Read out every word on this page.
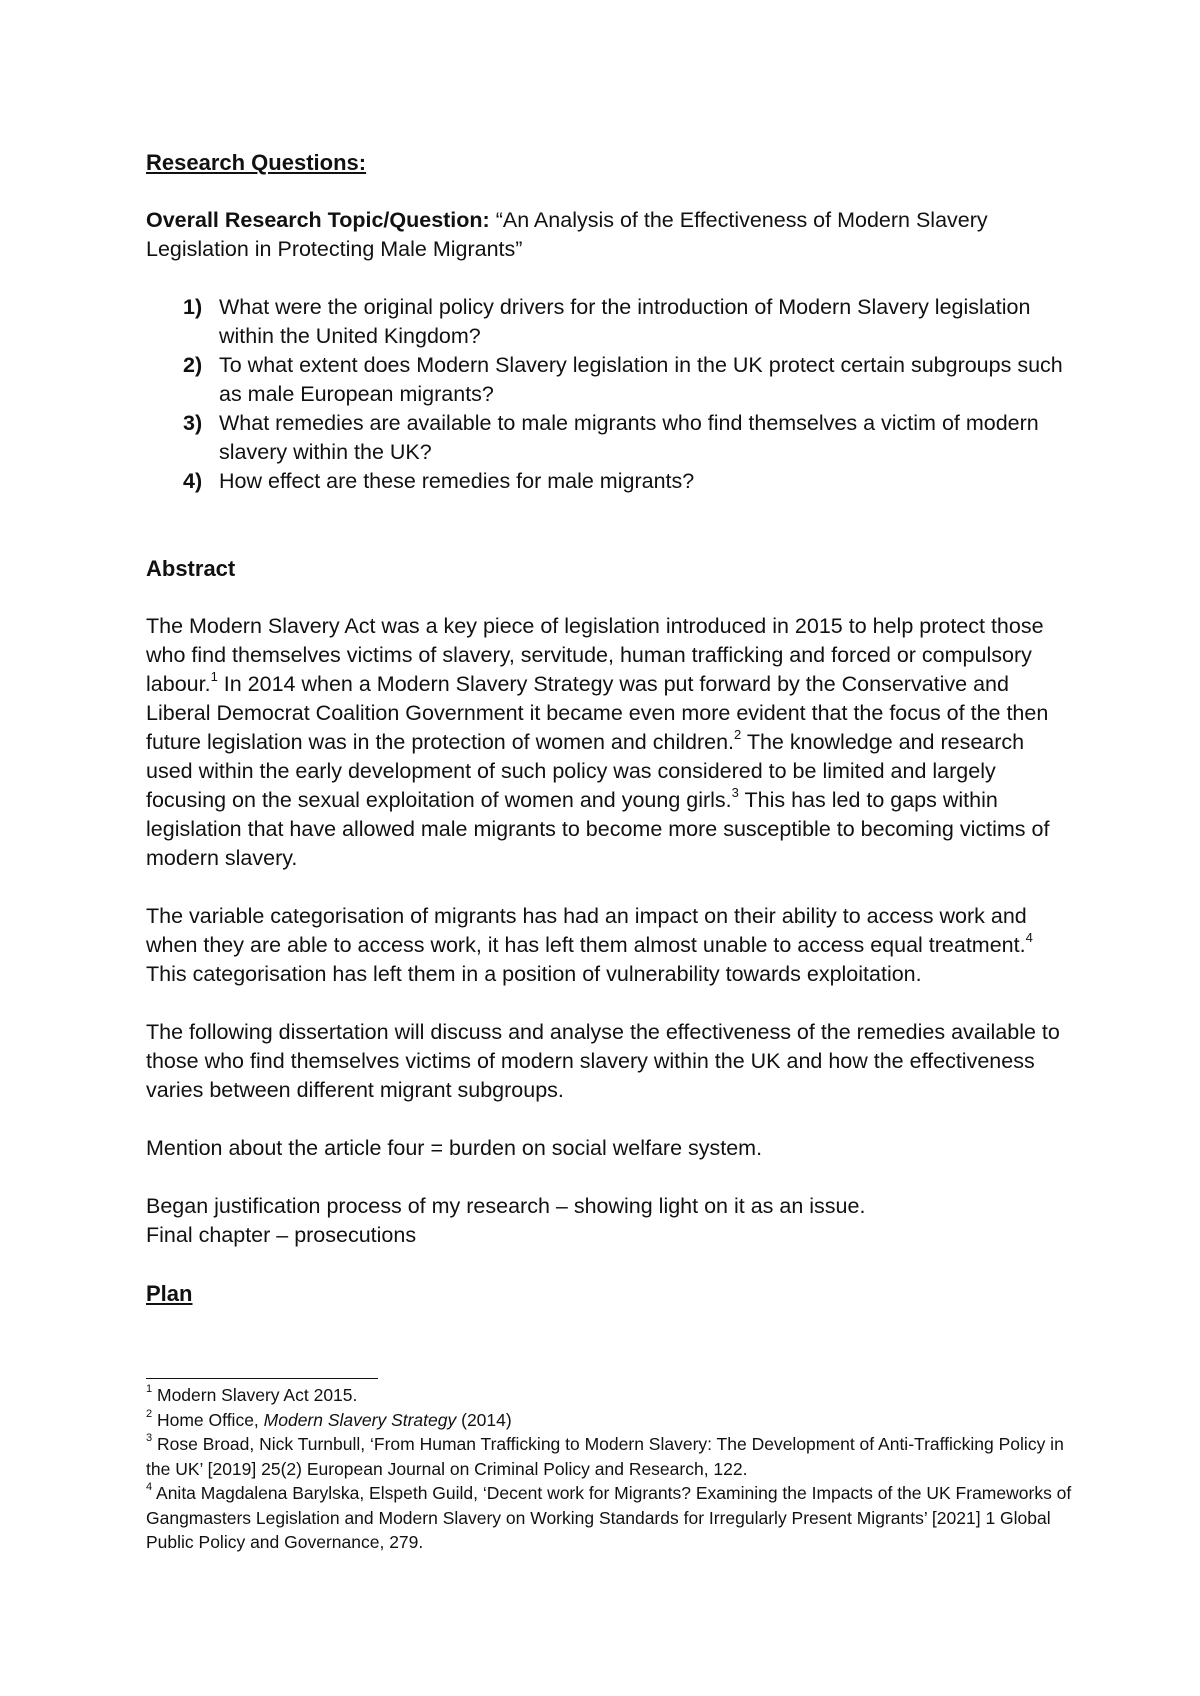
Research Questions:

Overall Research Topic/Question: “An Analysis of the Effectiveness of Modern Slavery Legislation in Protecting Male Migrants”

1) What were the original policy drivers for the introduction of Modern Slavery legislation within the United Kingdom?
2) To what extent does Modern Slavery legislation in the UK protect certain subgroups such as male European migrants?
3) What remedies are available to male migrants who find themselves a victim of modern slavery within the UK?
4) How effect are these remedies for male migrants?

Abstract

The Modern Slavery Act was a key piece of legislation introduced in 2015 to help protect those who find themselves victims of slavery, servitude, human trafficking and forced or compulsory labour.$^1$ In 2014 when a Modern Slavery Strategy was put forward by the Conservative and Liberal Democrat Coalition Government it became even more evident that the focus of the then future legislation was in the protection of women and children.$^2$ The knowledge and research used within the early development of such policy was considered to be limited and largely focusing on the sexual exploitation of women and young girls.$^3$ This has led to gaps within legislation that have allowed male migrants to become more susceptible to becoming victims of modern slavery.

The variable categorisation of migrants has had an impact on their ability to access work and when they are able to access work, it has left them almost unable to access equal treatment.$^4$ This categorisation has left them in a position of vulnerability towards exploitation.

The following dissertation will discuss and analyse the effectiveness of the remedies available to those who find themselves victims of modern slavery within the UK and how the effectiveness varies between different migrant subgroups.

Mention about the article four = burden on social welfare system.

Began justification process of my research – showing light on it as an issue.

Final chapter – prosecutions

Plan

$^1$ Modern Slavery Act 2015.

$^2$ Home Office, Modern Slavery Strategy (2014)

$^3$ Rose Broad, Nick Turnbull, ‘From Human Trafficking to Modern Slavery: The Development of Anti-Trafficking Policy in the UK’ [2019] 25(2) European Journal on Criminal Policy and Research, 122.

$^4$ Anita Magdalena Barylska, Elspeth Guild, ‘Decent work for Migrants? Examining the Impacts of the UK Frameworks of Gangmasters Legislation and Modern Slavery on Working Standards for Irregularly Present Migrants’ [2021] 1 Global Public Policy and Governance, 279.
